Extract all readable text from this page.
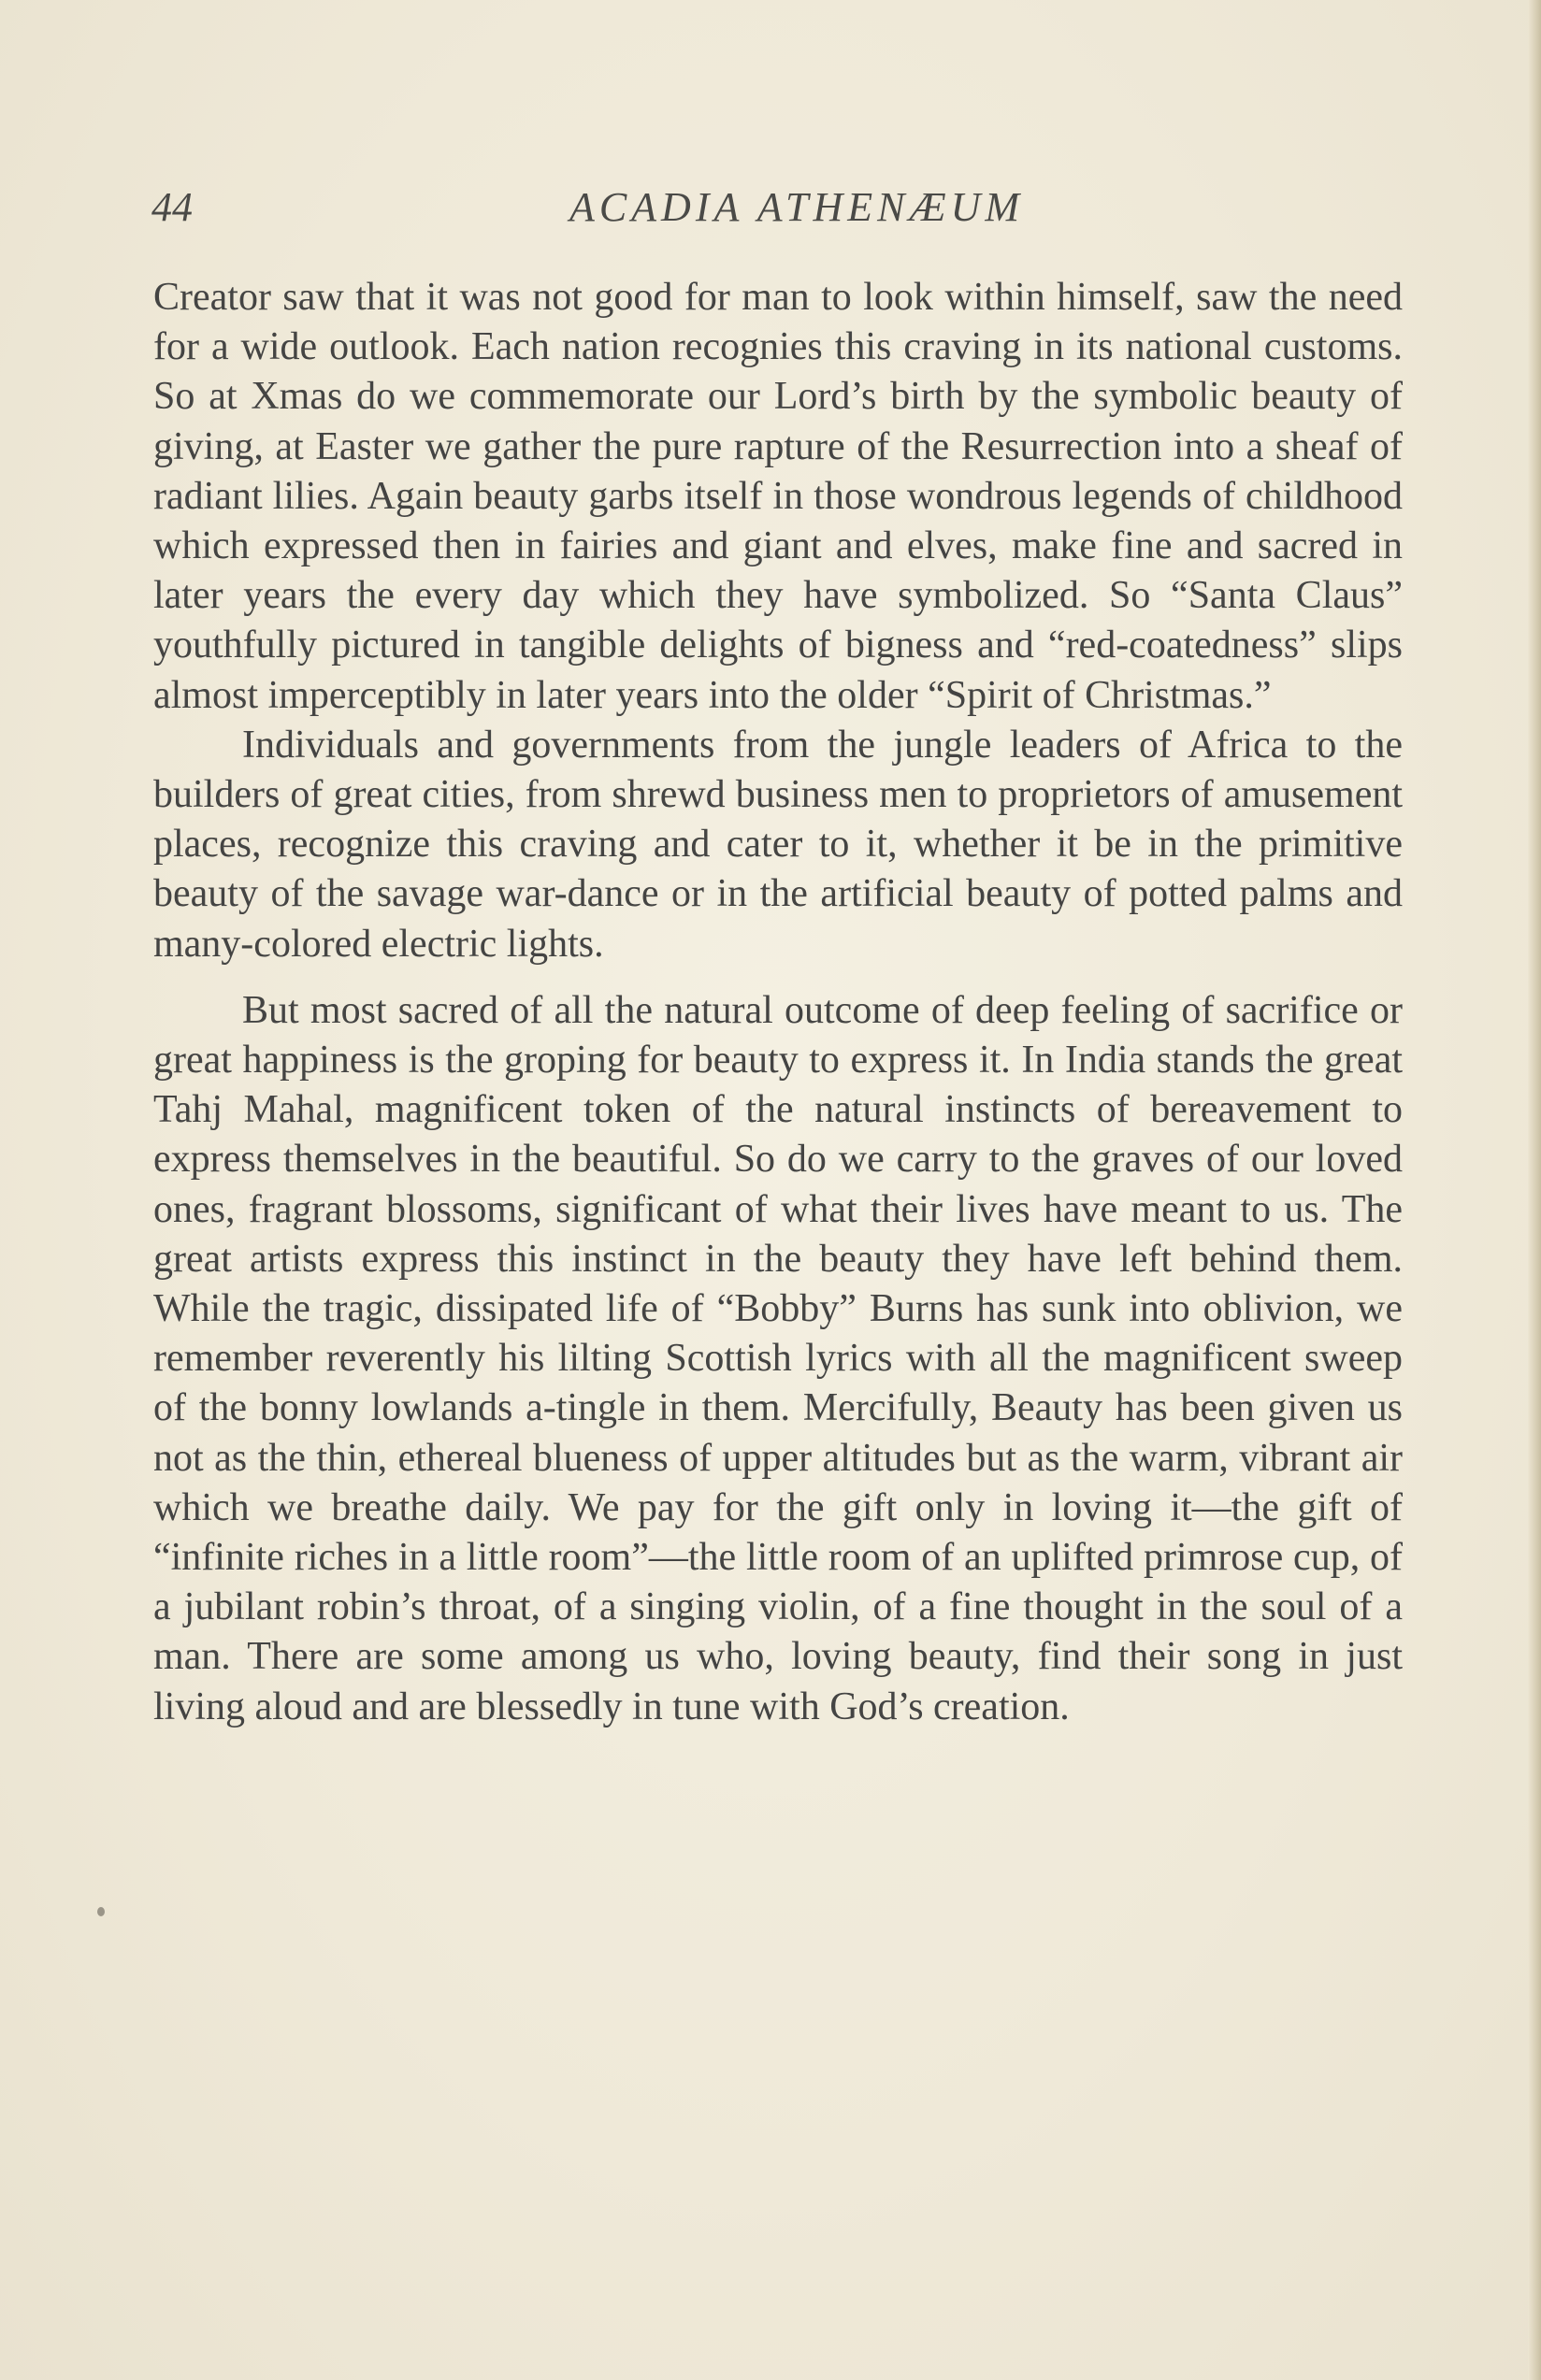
44	ACADIA ATHENÆUM

Creator saw that it was not good for man to look within himself, saw the need for a wide outlook. Each nation recognies this craving in its national customs. So at Xmas do we commemorate our Lord’s birth by the symbolic beauty of giving, at Easter we gather the pure rapture of the Resurrection into a sheaf of radiant lilies. Again beauty garbs itself in those wondrous legends of childhood which expressed then in fairies and giant and elves, make fine and sacred in later years the every day which they have symbolized. So “Santa Claus” youthfully pictured in tangible delights of bigness and “red-coatedness” slips almost imperceptibly in later years into the older “Spirit of Christmas.”

Individuals and governments from the jungle leaders of Africa to the builders of great cities, from shrewd business men to proprietors of amusement places, recognize this craving and cater to it, whether it be in the primitive beauty of the savage war-dance or in the artificial beauty of potted palms and many-colored electric lights.

But most sacred of all the natural outcome of deep feeling of sacrifice or great happiness is the groping for beauty to express it. In India stands the great Tahj Mahal, magnificent token of the natural instincts of bereavement to express themselves in the beautiful. So do we carry to the graves of our loved ones, fragrant blossoms, significant of what their lives have meant to us. The great artists express this instinct in the beauty they have left behind them. While the tragic, dissipated life of “Bobby” Burns has sunk into oblivion, we remember reverently his lilting Scottish lyrics with all the magnificent sweep of the bonny lowlands a-tingle in them. Mercifully, Beauty has been given us not as the thin, ethereal blueness of upper altitudes but as the warm, vibrant air which we breathe daily. We pay for the gift only in loving it—the gift of “infinite riches in a little room”—the little room of an uplifted primrose cup, of a jubilant robin’s throat, of a singing violin, of a fine thought in the soul of a man. There are some among us who, loving beauty, find their song in just living aloud and are blessedly in tune with God’s creation.
